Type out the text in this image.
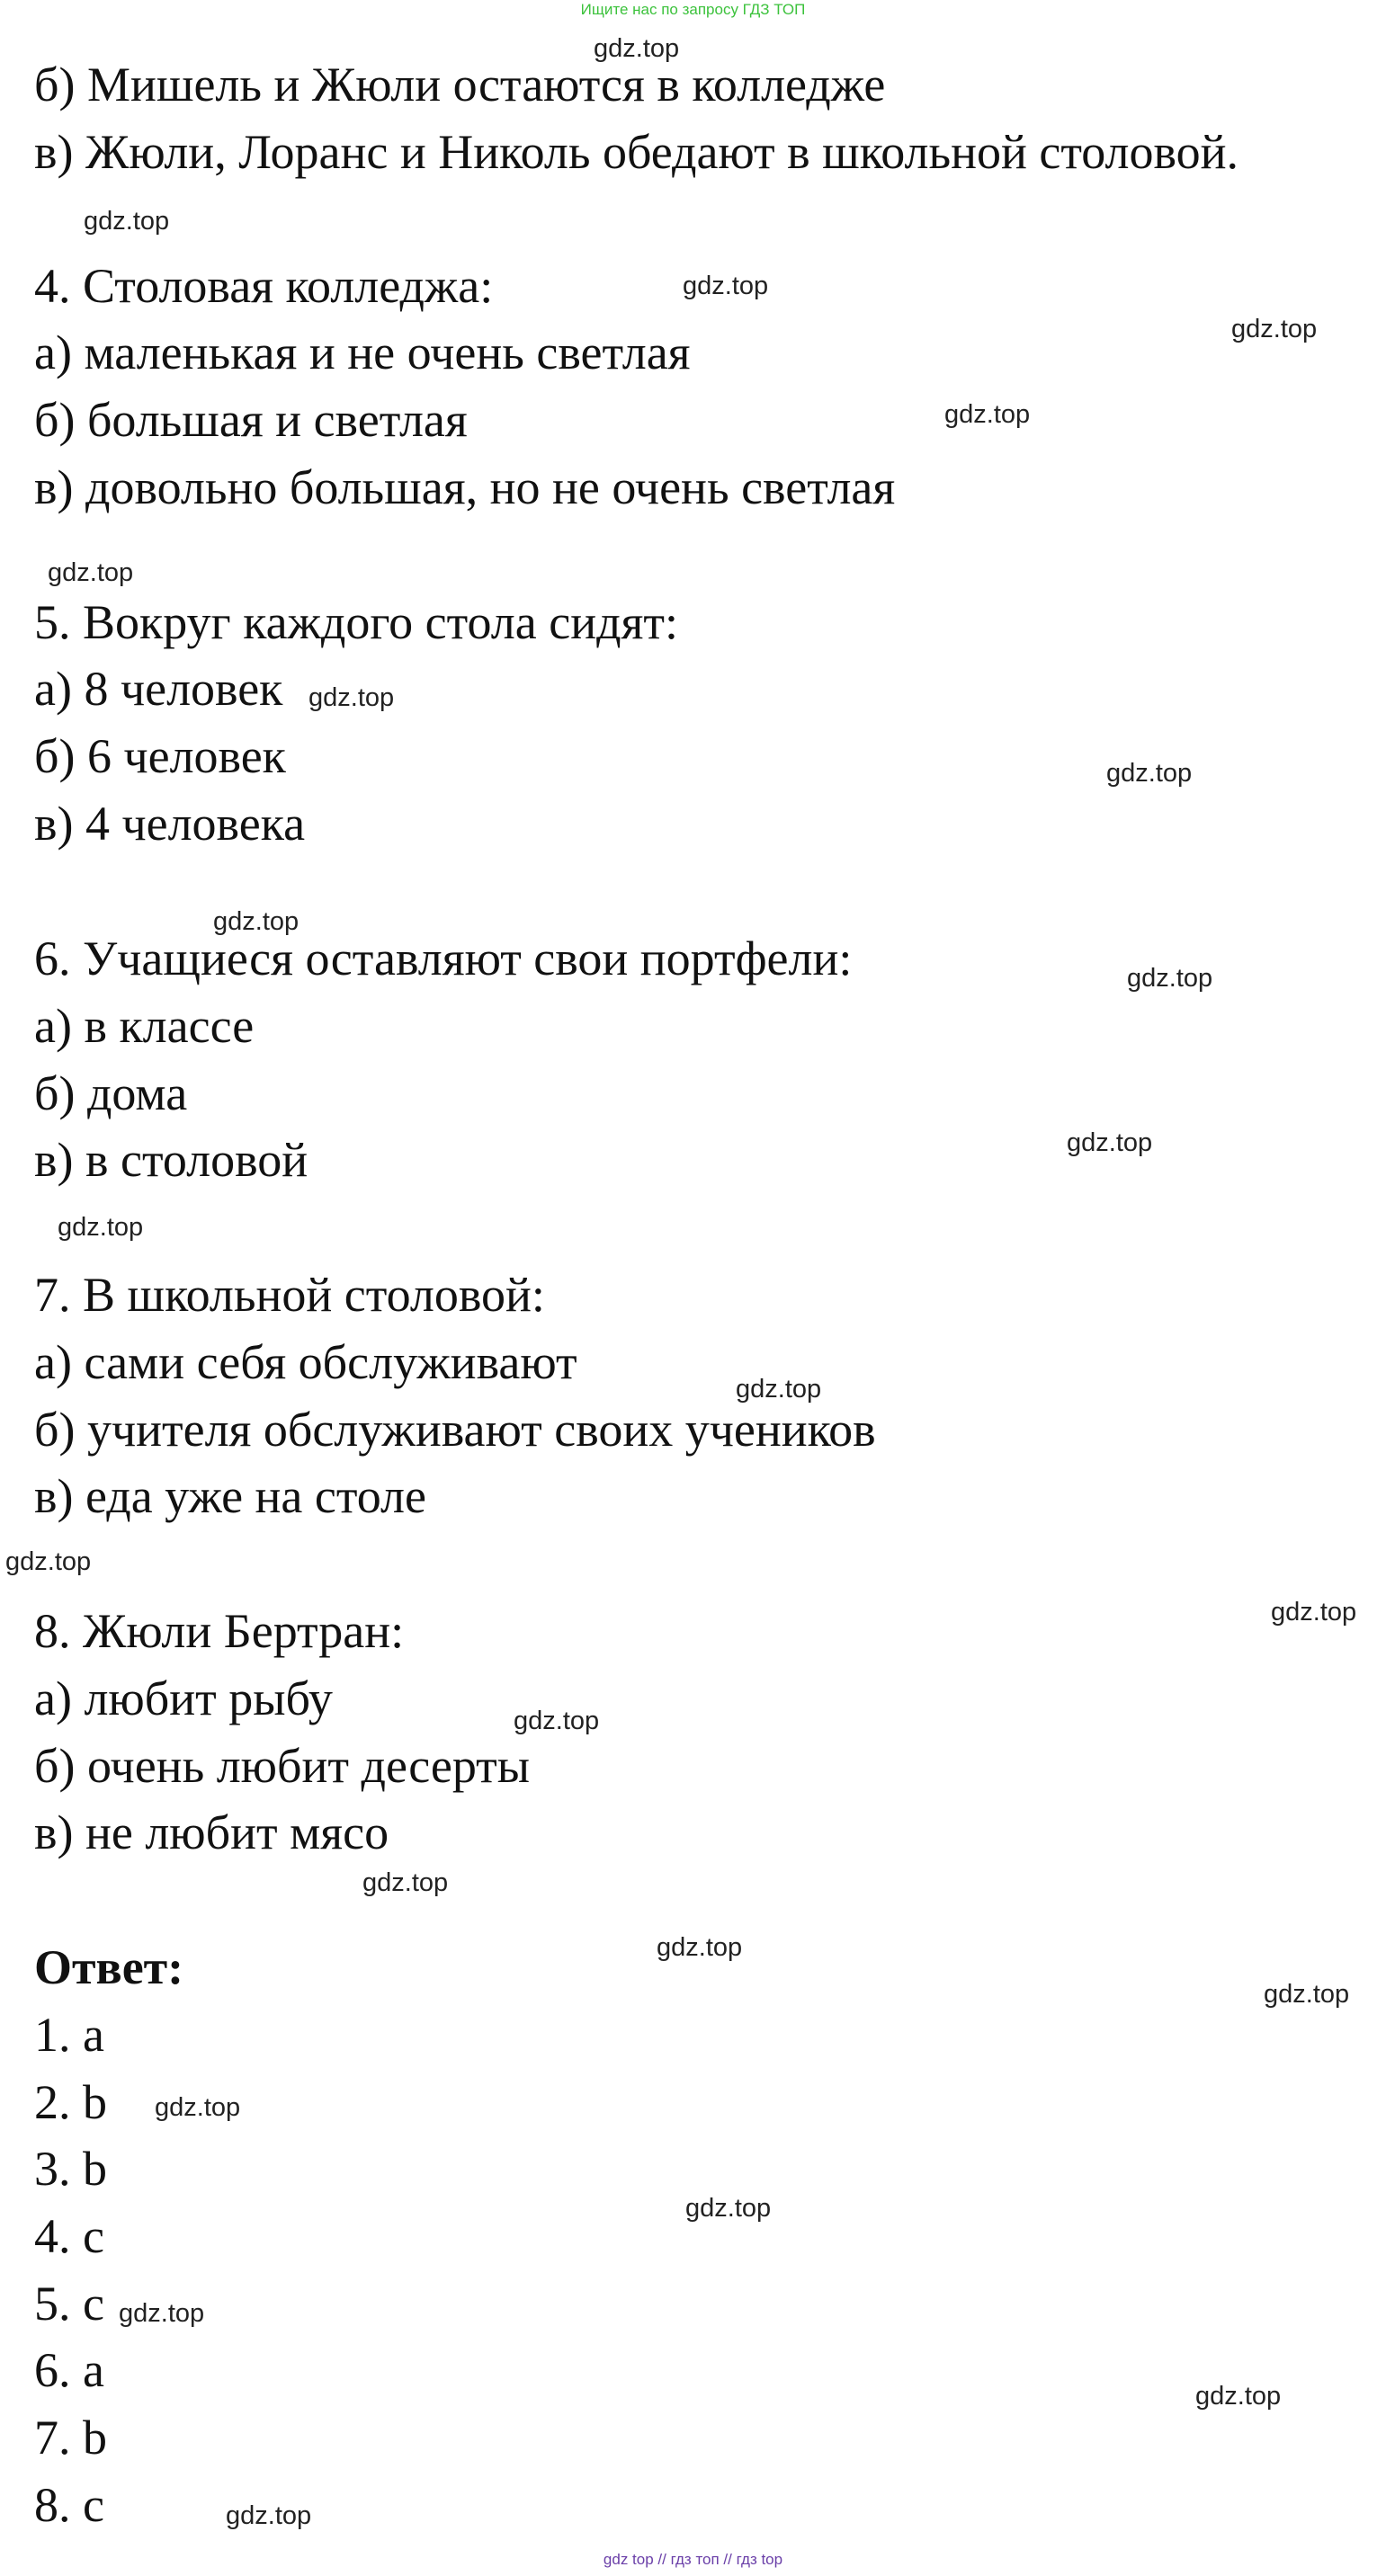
Ищите нас по запросу ГДЗ ТОП
б) Мишель и Жюли остаются в колледже
в) Жюли, Лоранс и Николь обедают в школьной столовой.
4. Столовая колледжа:
а) маленькая и не очень светлая
б) большая и светлая
в) довольно большая, но не очень светлая
5. Вокруг каждого стола сидят:
а) 8 человек
б) 6 человек
в) 4 человека
6. Учащиеся оставляют свои портфели:
а) в классе
б) дома
в) в столовой
7. В школьной столовой:
а) сами себя обслуживают
б) учителя обслуживают своих учеников
в) еда уже на столе
8. Жюли Бертран:
а) любит рыбу
б) очень любит десерты
в) не любит мясо
Ответ:
1. a
2. b
3. b
4. c
5. c
6. a
7. b
8. c
gdz.top
gdz.top
gdz.top
gdz.top
gdz.top
gdz.top
gdz.top
gdz.top
gdz.top
gdz.top
gdz.top
gdz.top
gdz.top
gdz.top
gdz.top
gdz.top
gdz.top
gdz.top
gdz.top
gdz.top
gdz.top
gdz.top
gdz.top
gdz.top
gdz top // гдз топ // гдз top
